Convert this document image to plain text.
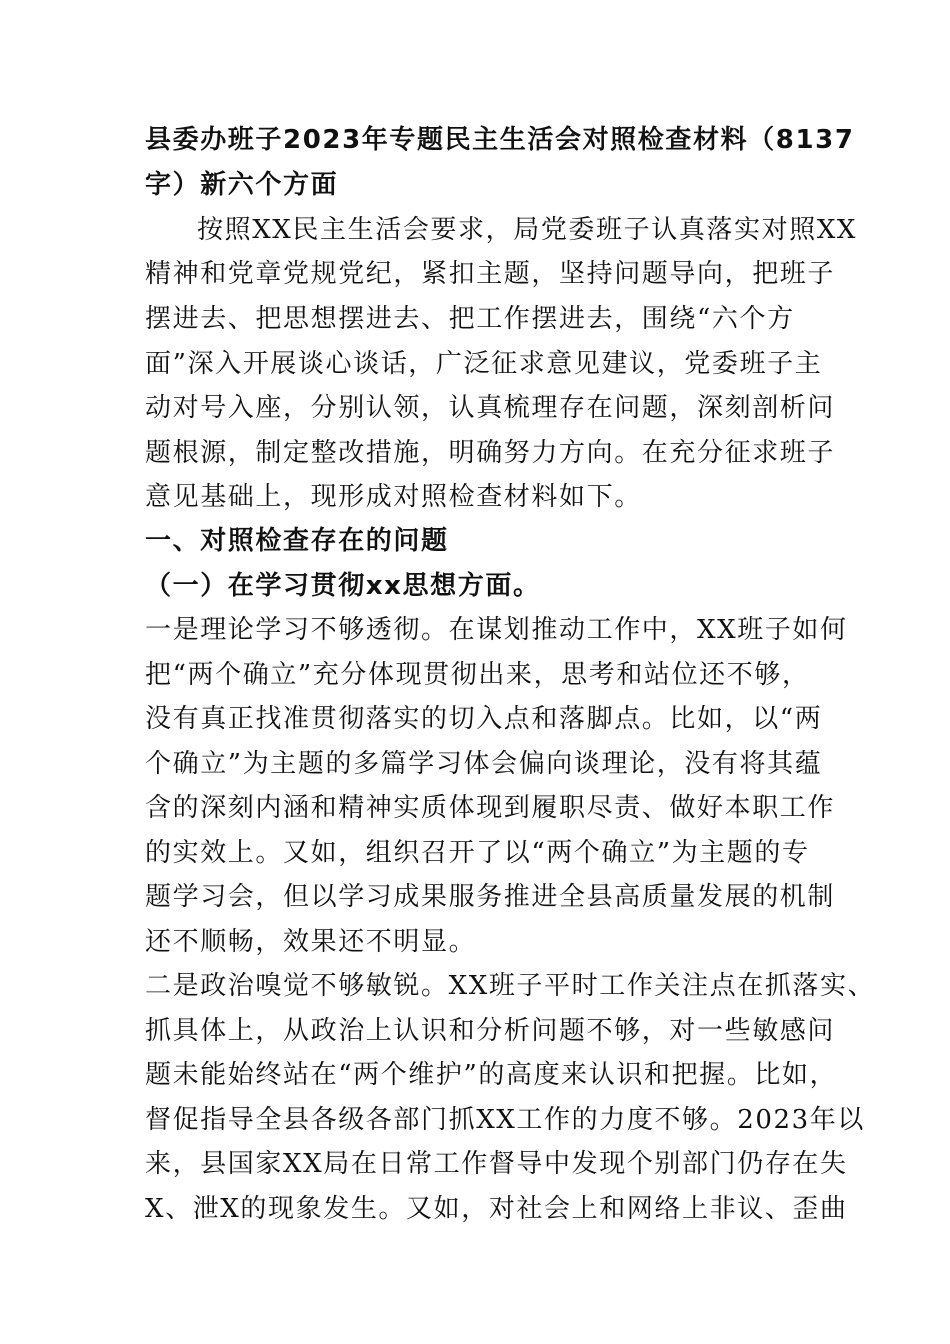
县委办班子2023年专题民主生活会对照检查材料（8137
字）新六个方面
按照XX民主生活会要求，局党委班子认真落实对照XX
精神和党章党规党纪，紧扣主题，坚持问题导向，把班子
摆进去、把思想摆进去、把工作摆进去，围绕“六个方
面”深入开展谈心谈话，广泛征求意见建议，党委班子主
动对号入座，分别认领，认真梳理存在问题，深刻剖析问
题根源，制定整改措施，明确努力方向。在充分征求班子
意见基础上，现形成对照检查材料如下。
一、对照检查存在的问题
（一）在学习贯彻xx思想方面。
一是理论学习不够透彻。在谋划推动工作中，XX班子如何
把“两个确立”充分体现贯彻出来，思考和站位还不够，
没有真正找准贯彻落实的切入点和落脚点。比如，以“两
个确立”为主题的多篇学习体会偏向谈理论，没有将其蕴
含的深刻内涵和精神实质体现到履职尽责、做好本职工作
的实效上。又如，组织召开了以“两个确立”为主题的专
题学习会，但以学习成果服务推进全县高质量发展的机制
还不顺畅，效果还不明显。
二是政治嗅觉不够敏锐。XX班子平时工作关注点在抓落实、
抓具体上，从政治上认识和分析问题不够，对一些敏感问
题未能始终站在“两个维护”的高度来认识和把握。比如，
督促指导全县各级各部门抓XX工作的力度不够。2023年以
来，县国家XX局在日常工作督导中发现个别部门仍存在失
X、泄X的现象发生。又如，对社会上和网络上非议、歪曲
